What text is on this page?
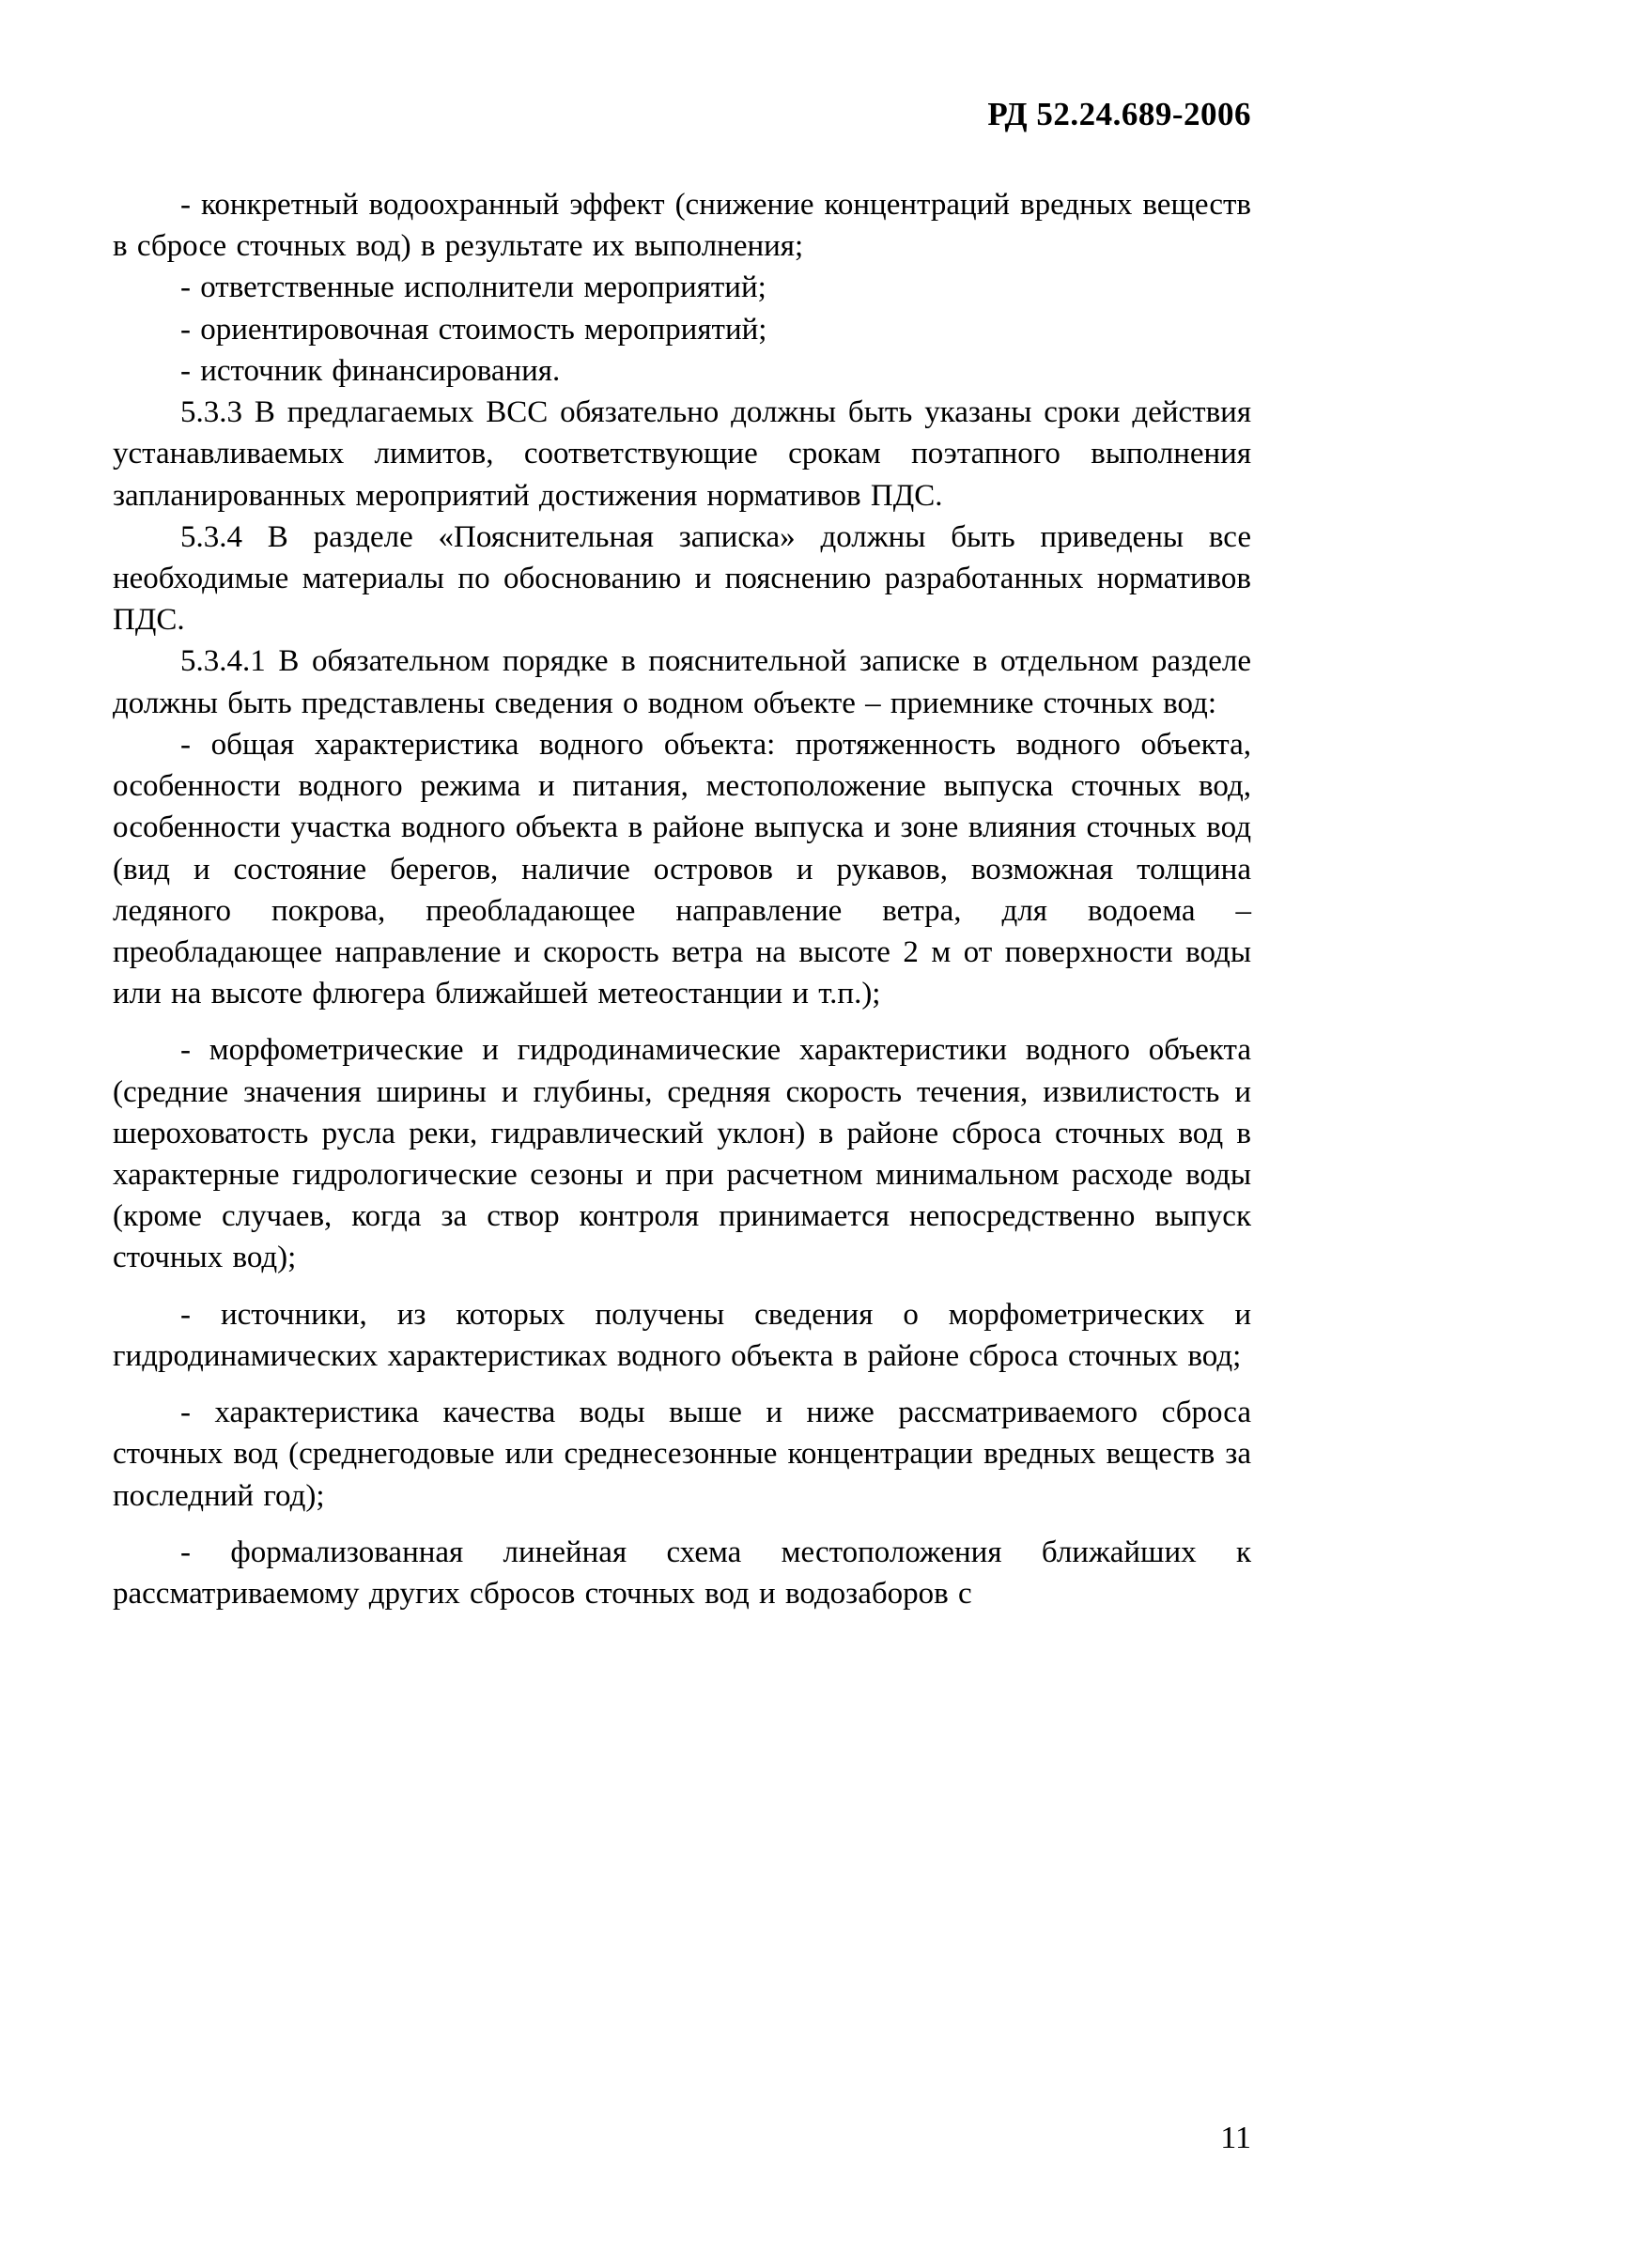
РД 52.24.689-2006

- конкретный водоохранный эффект (снижение концентраций вредных веществ в сбросе сточных вод) в результате их выполнения;

- ответственные исполнители мероприятий;

- ориентировочная стоимость мероприятий;

- источник финансирования.

5.3.3 В предлагаемых ВСС обязательно должны быть указаны сроки действия устанавливаемых лимитов, соответствующие срокам поэтапного выполнения запланированных мероприятий достижения нормативов ПДС.

5.3.4 В разделе «Пояснительная записка» должны быть приведены все необходимые материалы по обоснованию и пояснению разработанных нормативов ПДС.

5.3.4.1 В обязательном порядке в пояснительной записке в отдельном разделе должны быть представлены сведения о водном объекте – приемнике сточных вод:

- общая характеристика водного объекта: протяженность водного объекта, особенности водного режима и питания, местоположение выпуска сточных вод, особенности участка водного объекта в районе выпуска и зоне влияния сточных вод (вид и состояние берегов, наличие островов и рукавов, возможная толщина ледяного покрова, преобладающее направление ветра, для водоема – преобладающее направление и скорость ветра на высоте 2 м от поверхности воды или на высоте флюгера ближайшей метеостанции и т.п.);

- морфометрические и гидродинамические характеристики водного объекта (средние значения ширины и глубины, средняя скорость течения, извилистость и шероховатость русла реки, гидравлический уклон) в районе сброса сточных вод в характерные гидрологические сезоны и при расчетном минимальном расходе воды (кроме случаев, когда за створ контроля принимается непосредственно выпуск сточных вод);

- источники, из которых получены сведения о морфометрических и гидродинамических характеристиках водного объекта в районе сброса сточных вод;

- характеристика качества воды выше и ниже рассматриваемого сброса сточных вод (среднегодовые или среднесезонные концентрации вредных веществ за последний год);

- формализованная линейная схема местоположения ближайших к рассматриваемому других сбросов сточных вод и водозаборов с

11
